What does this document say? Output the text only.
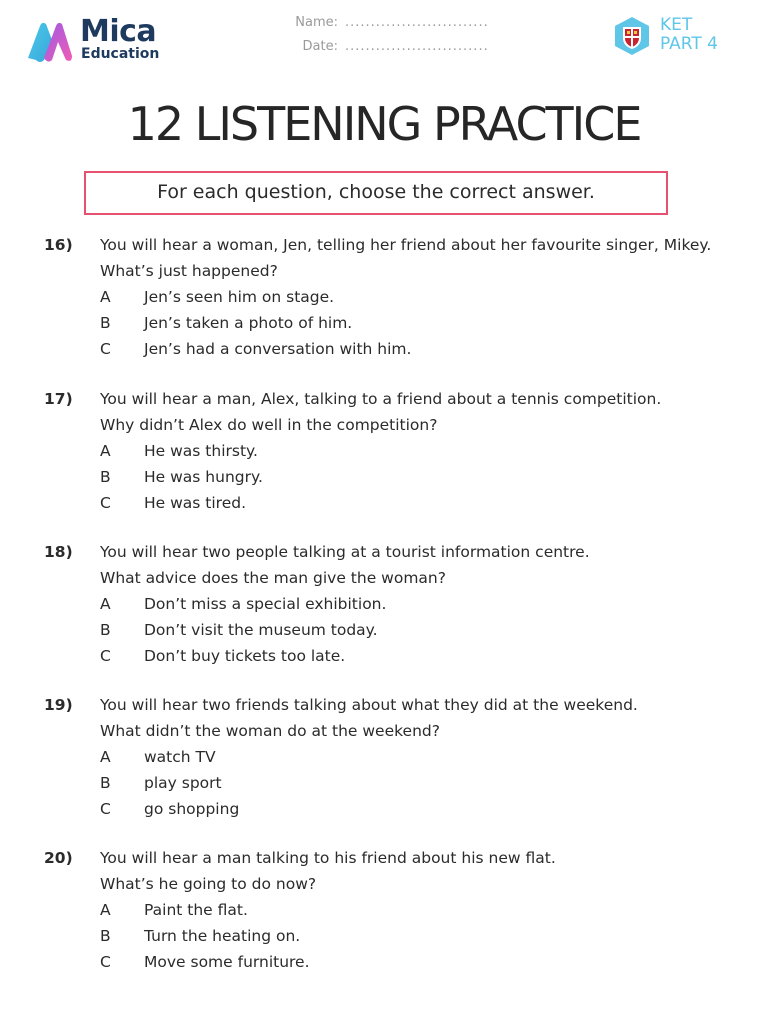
Mica
Education
Name: ............................
Date: ............................
KET
PART 4
12 LISTENING PRACTICE
For each question, choose the correct answer.
16) You will hear a woman, Jen, telling her friend about her favourite singer, Mikey.
What’s just happened?
A Jen’s seen him on stage.
B Jen’s taken a photo of him.
C Jen’s had a conversation with him.
17) You will hear a man, Alex, talking to a friend about a tennis competition.
Why didn’t Alex do well in the competition?
A He was thirsty.
B He was hungry.
C He was tired.
18) You will hear two people talking at a tourist information centre.
What advice does the man give the woman?
A Don’t miss a special exhibition.
B Don’t visit the museum today.
C Don’t buy tickets too late.
19) You will hear two friends talking about what they did at the weekend.
What didn’t the woman do at the weekend?
A watch TV
B play sport
C go shopping
20) You will hear a man talking to his friend about his new flat.
What’s he going to do now?
A Paint the flat.
B Turn the heating on.
C Move some furniture.
